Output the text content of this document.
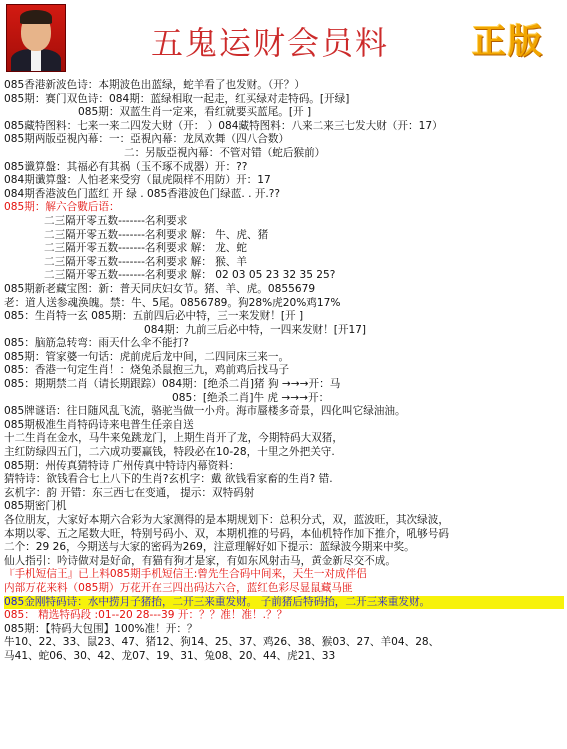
五鬼运财会员料	正版
085香港新波色诗：本期波色出蓝绿，蛇羊看了也发财。（开？）
085期：赛门双色诗：084期：蓝绿相取一起走，红买绿对走特码。[开绿]
085期：双蓝生肖一定来，看红就要买蓝尾。[开 ]
085藏特图料：七来一来二四发大财（开： ）084藏特图料：八来二来三七发大财（开：17）
085期两版亞視內幕：一：亞視內幕：龙凤欢舞（四八合数）
二：另版亞視內幕：不管对错（蛇后猴前）
085谶算盤：其福必有其祸（玉不琢不成器）开：??
084期谶算盤：人怕老来受穷（鼠虎陨样不用防）开：17
084期香港波色门蓝红 开 绿 . 085香港波色门绿蓝. . 开.??
085期：解六合數后语：
二三隔开零五数-------名利要求
二三隔开零五数-------名利要求 解： 牛、虎、猪
二三隔开零五数-------名利要求 解： 龙、蛇
二三隔开零五数-------名利要求 解： 猴、羊
二三隔开零五数-------名利要求 解： 02 03 05 23 32 35 25?
085期新老藏宝图：新：普天同庆妇女节。猪、羊、虎。0855679
老：道人送参魂涣魄。禁：牛、5尾。0856789。狗28%虎20%鸡17%
085：生肖特一玄 085期：五前四后必中特，三一来发财！[开 ]
084期：九前三后必中特，一四来发财！[开17]
085：脑筋急转弯：雨天什么伞不能打?
085期：管家婆一句话：虎前虎后龙中间，二四同床三来一。
085：香港一句定生肖！：烧兔杀鼠抱三九，鸡前鸡后找马子
085：期期禁二肖（请长期跟踪）084期：[绝杀二肖]猪 狗 →→→开：马
085：[绝杀二肖]牛 虎 →→→开：
085牌谜语：往日随风乱飞流，骆驼当做一小舟。海市蜃楼多奇景，四化叫它绿油油。
085期极准生肖特码诗来电普生任亲自送
十二生肖在金水，马牛来兔跳龙门，上期生肖开了龙，今期特码大双猪，
主红防绿四五门，二六成功要赢钱，特段必在10-28，十里之外把关守.
085期：州传真猜特诗 广州传真中特诗内幕资料：
猜特诗：欲钱看合七上八下的生肖?玄机字：戴 欲钱看家畜的生肖? 错.
玄机字：韵 开错：东三西七在变通， 提示：双特码射
085期密门机
各位朋友，大家好本期六合彩为大家测得的是本期规划下：总积分式，双，蓝波旺，其次绿波，
本期以零、五之尾数大旺，特别号码小、双，本期机推的号码，本仙机特作加下推介，吼够号码
二个：29 26，今期送与大家的密码为269，注意理解好如下提示：蓝绿波今期来中奖。
仙人指引：吟诗做对是好命，有猫有狗才是家，有如东风射击马，黄金新尽交不成。
『手机短信王』已上料085期手机短信王:曾先生合码中间来，天生一对成伴侣
内部万花来料（085期）万花开在三四出码达六合，蓝红色彩尽显鼠藏马匪
085金刚特码诗：水中捞月子猪抬，二开三来重发财。 子前猪后特码抬，二开三来重发财。
085： 精选特码段 :01--20 28---39 开：？？准！准！.？？
085期：【特码大包围】100%准！开：？
牛10、22、33、鼠23、47、猪12、狗14、25、37、鸡26、38、猴03、27、羊04、28、
马41、蛇06、30、42、龙07、19、31、兔08、20、44、虎21、33
